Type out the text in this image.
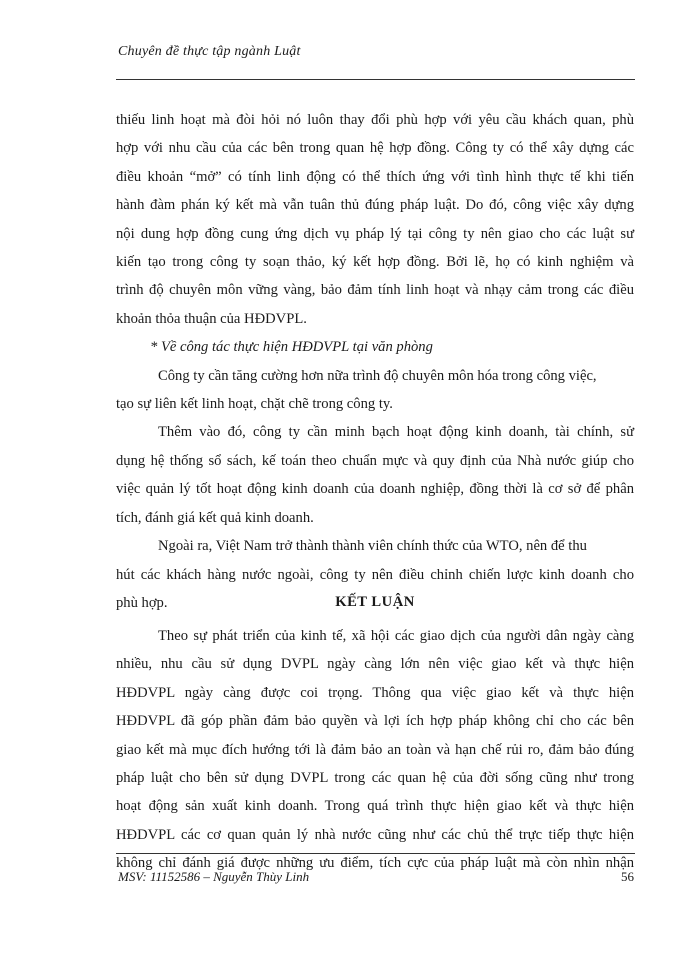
Chuyên đề thực tập ngành Luật
thiếu linh hoạt mà đòi hỏi nó luôn thay đổi phù hợp với yêu cầu khách quan, phù
hợp với nhu cầu của các bên trong quan hệ hợp đồng. Công ty có thể xây dựng các
điều khoản “mở” có tính linh động có thể thích ứng với tình hình thực tế khi tiến
hành đàm phán ký kết mà vẫn tuân thủ đúng pháp luật. Do đó, công việc xây dựng
nội dung hợp đồng cung ứng dịch vụ pháp lý tại công ty nên giao cho các luật sư
kiến tạo trong công ty soạn thảo, ký kết hợp đồng. Bởi lẽ, họ có kinh nghiệm và
trình độ chuyên môn vững vàng, bảo đảm tính linh hoạt và nhạy cảm trong các điều
khoản thỏa thuận của HĐDVPL.
* Về công tác thực hiện HĐDVPL tại văn phòng
Công ty cần tăng cường hơn nữa trình độ chuyên môn hóa trong công việc,
tạo sự liên kết linh hoạt, chặt chẽ trong công ty.
Thêm vào đó, công ty cần minh bạch hoạt động kinh doanh, tài chính, sử
dụng hệ thống sổ sách, kế toán theo chuẩn mực và quy định của Nhà nước giúp cho
việc quản lý tốt hoạt động kinh doanh của doanh nghiệp, đồng thời là cơ sở để phân
tích, đánh giá kết quả kinh doanh.
Ngoài ra, Việt Nam trở thành thành viên chính thức của WTO, nên để thu
hút các khách hàng nước ngoài, công ty nên điều chỉnh chiến lược kinh doanh cho
phù hợp.	KẾT LUẬN
Theo sự phát triển của kinh tế, xã hội các giao dịch của người dân ngày càng
nhiều, nhu cầu sử dụng DVPL ngày càng lớn nên việc giao kết và thực hiện
HĐDVPL ngày càng được coi trọng. Thông qua việc giao kết và thực hiện
HĐDVPL đã góp phần đảm bảo quyền và lợi ích hợp pháp không chỉ cho các bên
giao kết mà mục đích hướng tới là đảm bảo an toàn và hạn chế rủi ro, đảm bảo đúng
pháp luật cho bên sử dụng DVPL trong các quan hệ của đời sống cũng như trong
hoạt động sản xuất kinh doanh. Trong quá trình thực hiện giao kết và thực hiện
HĐDVPL các cơ quan quản lý nhà nước cũng như các chủ thể trực tiếp thực hiện
không chỉ đánh giá được những ưu điểm, tích cực của pháp luật mà còn nhìn nhận
MSV: 11152586 – Nguyễn Thùy Linh	56
